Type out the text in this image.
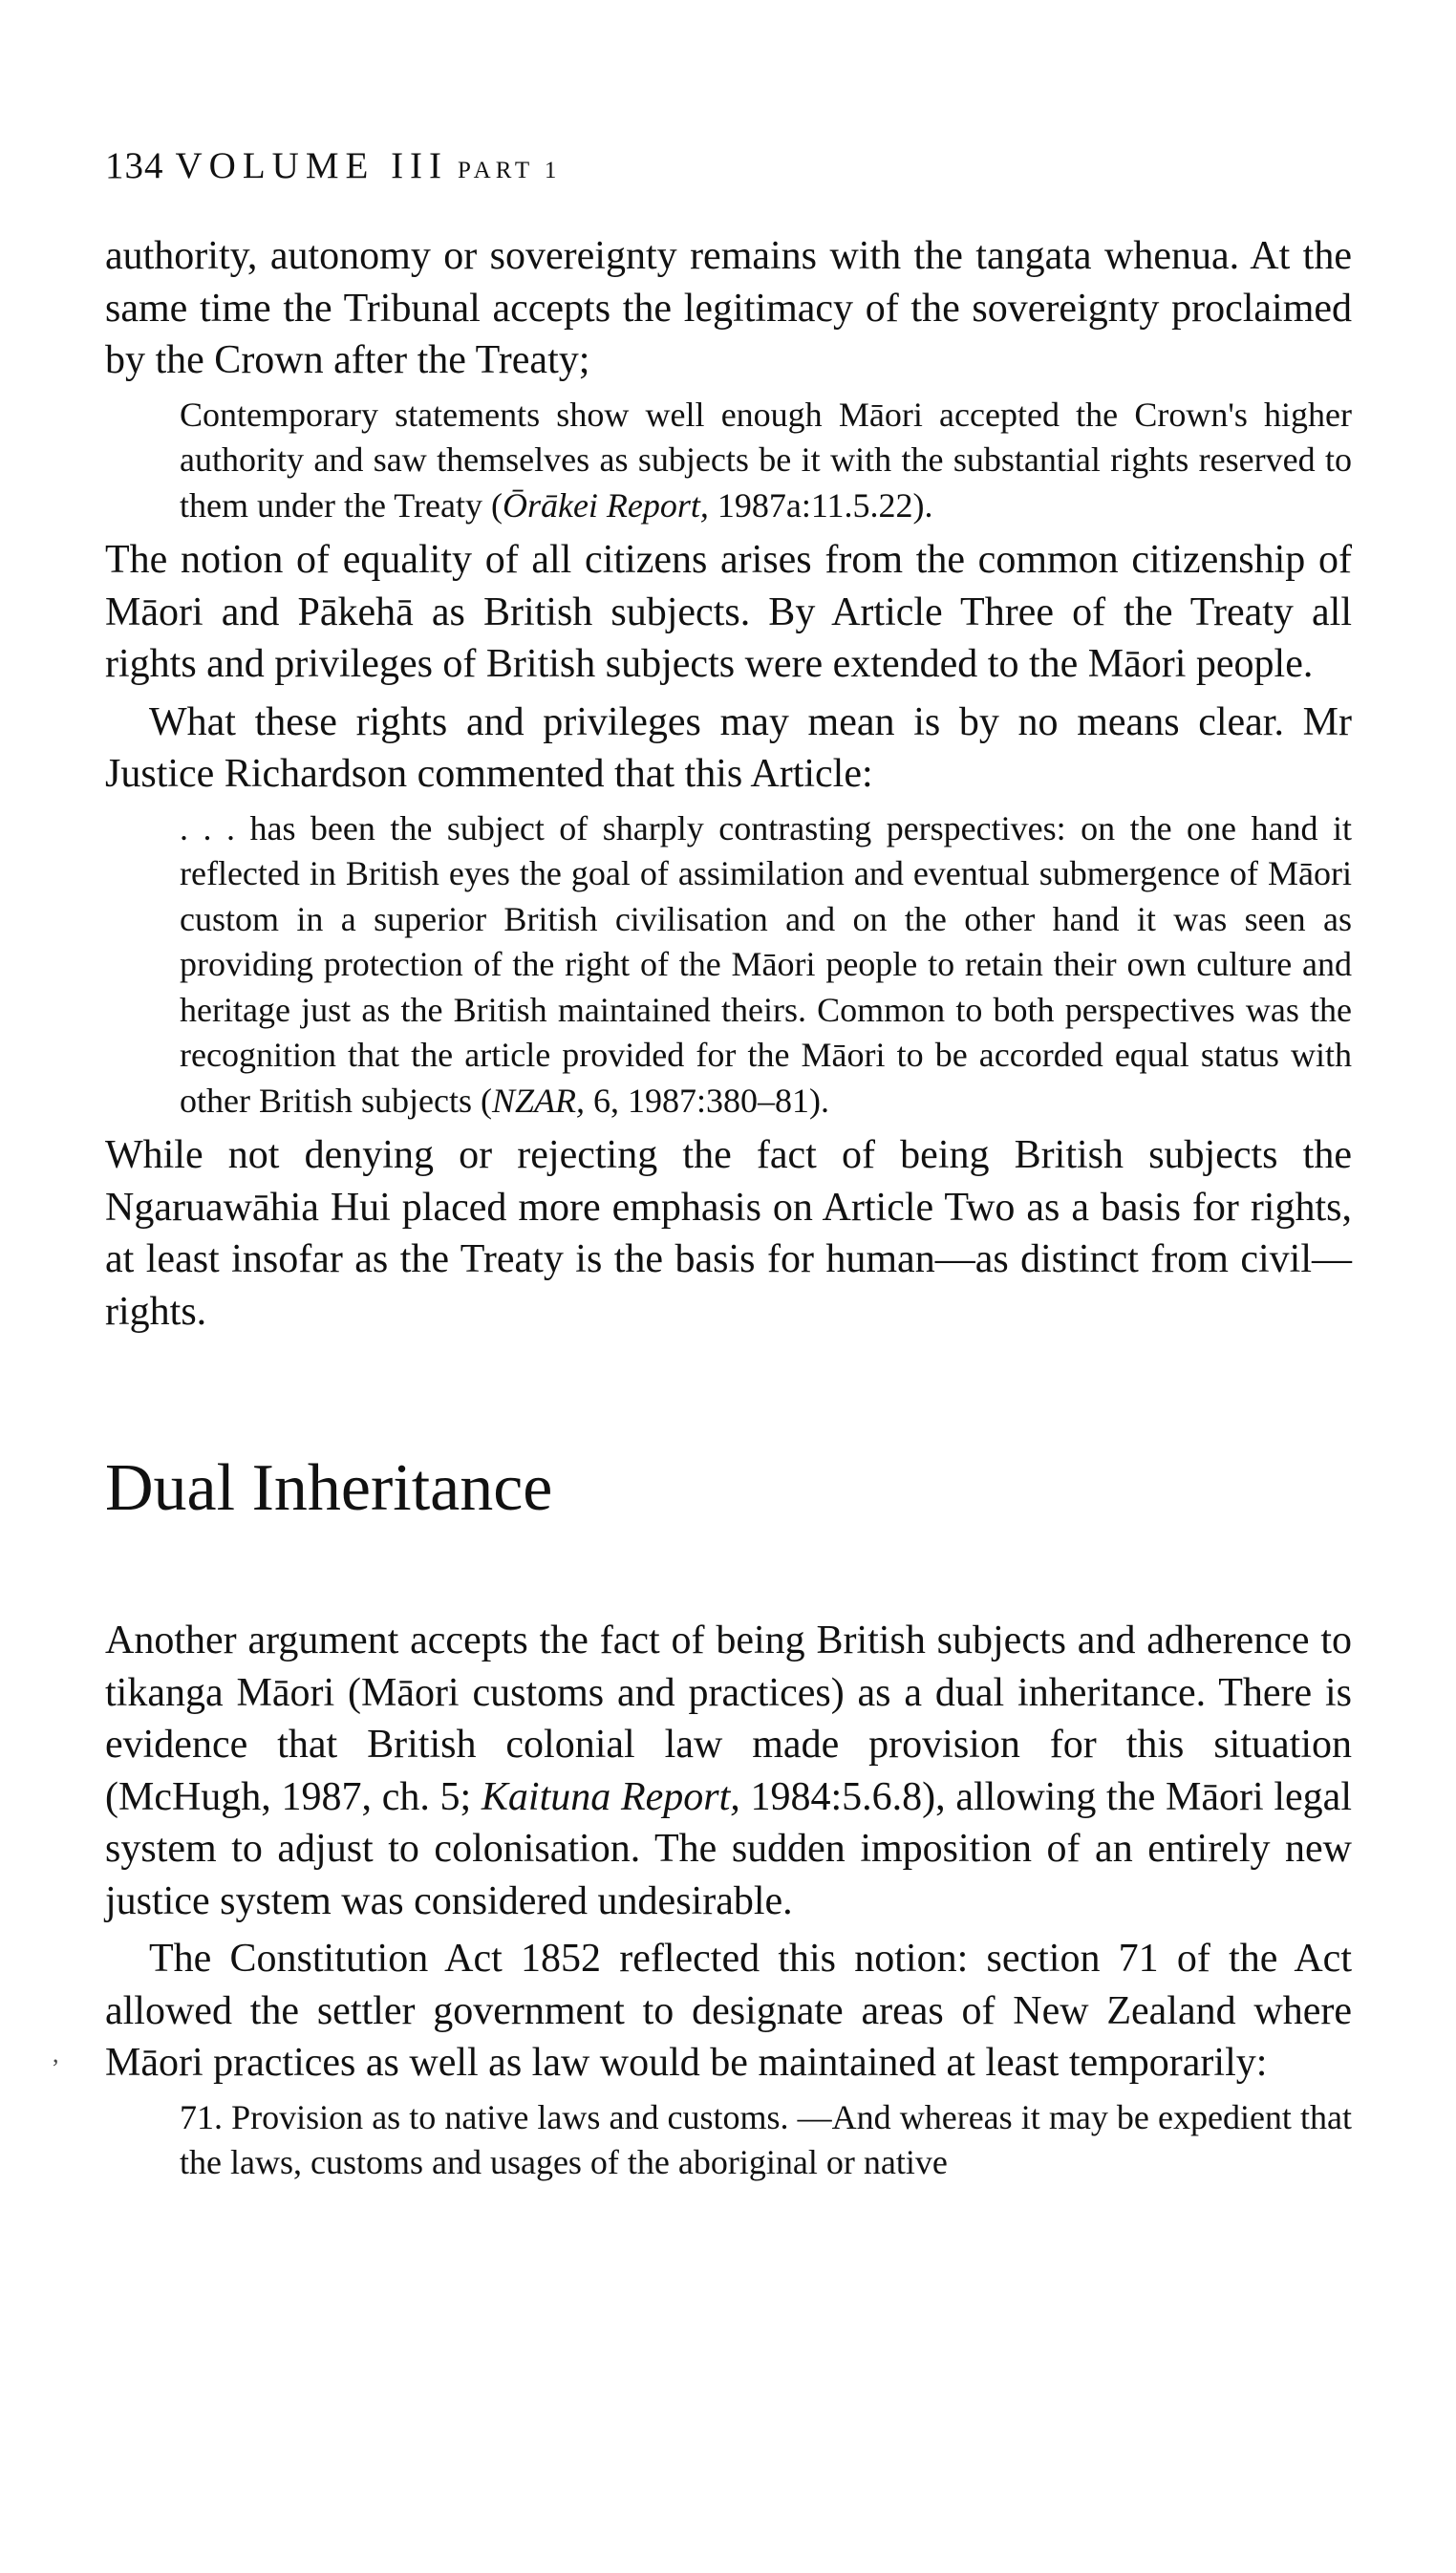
134 VOLUME III PART 1

authority, autonomy or sovereignty remains with the tangata whenua. At the same time the Tribunal accepts the legitimacy of the sovereignty proclaimed by the Crown after the Treaty;

Contemporary statements show well enough Māori accepted the Crown's higher authority and saw themselves as subjects be it with the substantial rights reserved to them under the Treaty (Ōrākei Report, 1987a:11.5.22).

The notion of equality of all citizens arises from the common citizenship of Māori and Pākehā as British subjects. By Article Three of the Treaty all rights and privileges of British subjects were extended to the Māori people.

What these rights and privileges may mean is by no means clear. Mr Justice Richardson commented that this Article:

. . . has been the subject of sharply contrasting perspectives: on the one hand it reflected in British eyes the goal of assimilation and eventual submergence of Māori custom in a superior British civilisation and on the other hand it was seen as providing protection of the right of the Māori people to retain their own culture and heritage just as the British maintained theirs. Common to both perspectives was the recognition that the article provided for the Māori to be accorded equal status with other British subjects (NZAR, 6, 1987:380–81).

While not denying or rejecting the fact of being British subjects the Ngaruawāhia Hui placed more emphasis on Article Two as a basis for rights, at least insofar as the Treaty is the basis for human—as distinct from civil—rights.

Dual Inheritance

Another argument accepts the fact of being British subjects and adherence to tikanga Māori (Māori customs and practices) as a dual inheritance. There is evidence that British colonial law made provision for this situation (McHugh, 1987, ch. 5; Kaituna Report, 1984:5.6.8), allowing the Māori legal system to adjust to colonisation. The sudden imposition of an entirely new justice system was considered undesirable.

The Constitution Act 1852 reflected this notion: section 71 of the Act allowed the settler government to designate areas of New Zealand where Māori practices as well as law would be maintained at least temporarily:

71. Provision as to native laws and customs. —And whereas it may be expedient that the laws, customs and usages of the aboriginal or native
,
